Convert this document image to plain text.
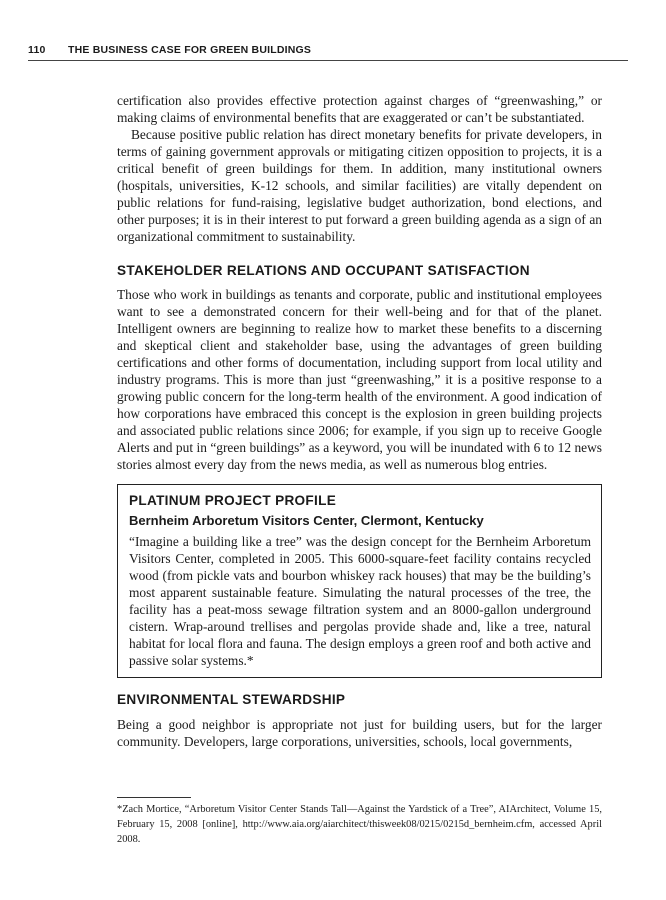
110 THE BUSINESS CASE FOR GREEN BUILDINGS

certification also provides effective protection against charges of “greenwashing,” or making claims of environmental benefits that are exaggerated or can’t be substantiated.

Because positive public relation has direct monetary benefits for private developers, in terms of gaining government approvals or mitigating citizen opposition to projects, it is a critical benefit of green buildings for them. In addition, many institutional owners (hospitals, universities, K-12 schools, and similar facilities) are vitally dependent on public relations for fund-raising, legislative budget authorization, bond elections, and other purposes; it is in their interest to put forward a green building agenda as a sign of an organizational commitment to sustainability.

STAKEHOLDER RELATIONS AND OCCUPANT SATISFACTION

Those who work in buildings as tenants and corporate, public and institutional employees want to see a demonstrated concern for their well-being and for that of the planet. Intelligent owners are beginning to realize how to market these benefits to a discerning and skeptical client and stakeholder base, using the advantages of green building certifications and other forms of documentation, including support from local utility and industry programs. This is more than just “greenwashing,” it is a positive response to a growing public concern for the long-term health of the environment. A good indication of how corporations have embraced this concept is the explosion in green building projects and associated public relations since 2006; for example, if you sign up to receive Google Alerts and put in “green buildings” as a keyword, you will be inundated with 6 to 12 news stories almost every day from the news media, as well as numerous blog entries.

PLATINUM PROJECT PROFILE
Bernheim Arboretum Visitors Center, Clermont, Kentucky

“Imagine a building like a tree” was the design concept for the Bernheim Arboretum Visitors Center, completed in 2005. This 6000-square-feet facility contains recycled wood (from pickle vats and bourbon whiskey rack houses) that may be the building’s most apparent sustainable feature. Simulating the natural processes of the tree, the facility has a peat-moss sewage filtration system and an 8000-gallon underground cistern. Wrap-around trellises and pergolas provide shade and, like a tree, natural habitat for local flora and fauna. The design employs a green roof and both active and passive solar systems.*

ENVIRONMENTAL STEWARDSHIP

Being a good neighbor is appropriate not just for building users, but for the larger community. Developers, large corporations, universities, schools, local governments,

*Zach Mortice, “Arboretum Visitor Center Stands Tall—Against the Yardstick of a Tree”, AIArchitect, Volume 15, February 15, 2008 [online], http://www.aia.org/aiarchitect/thisweek08/0215/0215d_bernheim.cfm, accessed April 2008.
